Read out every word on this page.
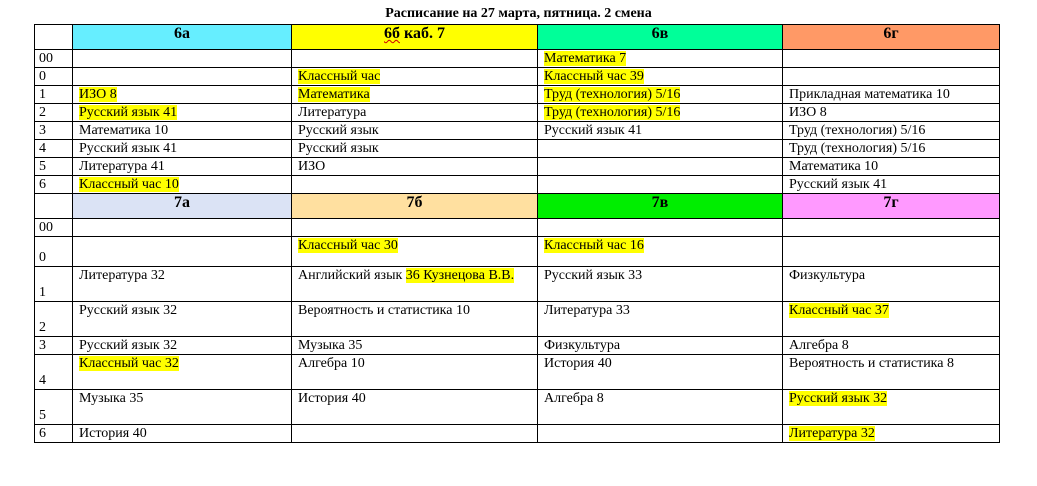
Расписание на 27 марта, пятница. 2 смена
	6а	6б каб. 7	6в	6г
00			Математика 7	
0		Классный час	Классный час 39	
1	ИЗО 8	Математика	Труд (технология) 5/16	Прикладная математика 10
2	Русский язык 41	Литература	Труд (технология) 5/16	ИЗО 8
3	Математика 10	Русский язык	Русский язык 41	Труд (технология) 5/16
4	Русский язык 41	Русский язык		Труд (технология) 5/16
5	Литература 41	ИЗО		Математика 10
6	Классный час 10			Русский язык 41
	7а	7б	7в	7г
00				
0		Классный час 30	Классный час 16	
1	Литература 32	Английский язык 36 Кузнецова В.В.	Русский язык 33	Физкультура
2	Русский язык 32	Вероятность и статистика 10	Литература 33	Классный час 37
3	Русский язык 32	Музыка 35	Физкультура	Алгебра 8
4	Классный час 32	Алгебра 10	История 40	Вероятность и статистика 8
5	Музыка 35	История 40	Алгебра 8	Русский язык 32
6	История 40			Литература 32
